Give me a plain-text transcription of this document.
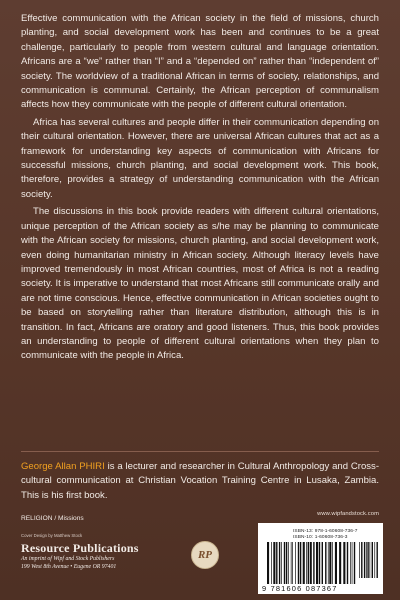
Effective communication with the African society in the field of missions, church planting, and social development work has been and continues to be a great challenge, particularly to people from western cultural and language orientation. Africans are a “we” rather than “I” and a “depended on” rather than “independent of” society. The worldview of a traditional African in terms of society, relationships, and communication is communal. Certainly, the African perception of communalism affects how they communicate with the people of different cultural orientation.

Africa has several cultures and people differ in their communication depending on their cultural orientation. However, there are universal African cultures that act as a framework for understanding key aspects of communication with Africans for successful missions, church planting, and social development work. This book, therefore, provides a strategy of understanding communication with the African society.

The discussions in this book provide readers with different cultural orientations, unique perception of the African society as s/he may be planning to communicate with the African society for missions, church planting, and social development work, even doing humanitarian ministry in African society. Although literacy levels have improved tremendously in most African countries, most of Africa is not a reading society. It is imperative to understand that most Africans still communicate orally and are not time conscious. Hence, effective communication in African societies ought to be based on storytelling rather than literature distribution, although this is in transition. In fact, Africans are oratory and good listeners. Thus, this book provides an understanding to people of different cultural orientations when they plan to communicate with the people in Africa.

George Allan PHIRI is a lecturer and researcher in Cultural Anthropology and Cross-cultural communication at Christian Vocation Training Centre in Lusaka, Zambia. This is his first book.
www.wipfandstock.com
RELIGION / Missions
Cover Design by Matthew Stock
Resource Publications
An imprint of Wipf and Stock Publishers
199 West 8th Avenue • Eugene OR 97401
RP
ISBN-13: 978-1-60608-736-7
ISBN-10: 1-60608-736-3
9 781606 087367
